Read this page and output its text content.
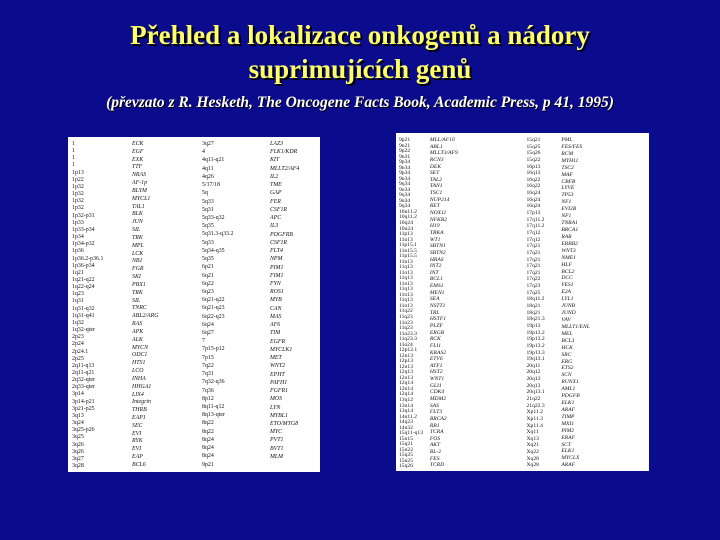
Přehled a lokalizace onkogenů a nádory
suprimujících genů
(převzato z R. Hesketh, The Oncogene Facts Book, Academic Press, p 41, 1995)
1
1
1
1
1p13
1p22
1p32
1p32
1p32
1p32
1p32-p31
1p33
1p33-p34
1p34
1p34-p32
1p36
1p36.2-p36.1
1p36-p34
1q21
1q21-q22
1q22-q24
1q23
1q31
1q31-q32
1q31-q41
1q32
1q32-qter
2p23
2p24
2p24.1
2p25
2q11-q13
2q11-q21
2q32-qter
2q33-qter
3p14
3p14-p21
3p21-p25
3q13
3q24
3q25-p26
3q25
3q26
3q26
3q27
3q28
ECK
EGF
EXK
TTF
NRAS
AF-1p
BLYM
MYCL1
TAL1
BLK
JUN
SIL
TRK
MPL
LCK
NB1
FGR
SKI
PBX1
TRK
SIL
TNRC
ABL2/ARG
RAS
APK
ALK
MYCN
ODC1
HTS1
LCO
INHA
HHGA1
LIX4
Integrin
THRB
EAP1
SEC
EVI
RYK
EVI
EAP
BCL6
3q27
4
4q11-q21
4q11
4q26
5/17/18
5q
5q33
5q31
5q33-q32
5q35
5q31.3-q33.2
5q33
5q34-q35
5q35
6p21
6q21
6q22
6q23
6q21-q22
6q21-q23
6q22-q23
6q24
6q27
7
7p15-p12
7p15
7q22
7q31
7q32-q36
7q36
8p12
8q11-q12
8q13-qter
8q22
8q22
8q24
8q24
8q24
9p21
LAZ3
FLK1/KDR
KIT
MLLT2/AF4
IL2
TME
GAP
FER
CSF1R
APC
IL3
PDGFRB
CSF1R
FLT4
NPM
PIM1
FIM1
FYN
ROS1
MYB
CAN
MAS
AF6
TIM
EGFR
MYCLK1
MET
WNT2
EPHT
PAFH1
FGFR1
MOS
LYN
MYBL1
ETO/MTG8
MYC
PVT1
BVT1
MLM
9p21
9p21
9p22
9p31
9p34
9p34
9p34
9p34
9q34
9q34
9q34
9q34
9q34
10p11.2
10q11.2
10q24
10q24
11p13
11p13
11p15.1
11p15.5
11p15.5
11p13
11q13
11q13
11q13
11q13
11q13
11q13
11q13
11q13
11q22
11q23
11q23
11q23
11q23.3
11q23.3
11q24
12p12.1
12p13
12p13
12q13
12q13
12q13
12q14
12q14
12q14
13q12
13q14
13q14
14q11.2
14q23
14q32
15q11-q13
15q15
15q21
15q22
15q25
15q25
15q26
MLL/AF10
ABL1
MLLT3/AF9
RCN3
DEK
SET
TAL2
TAN1
TSC1
NUP214
RET
NOX11
NFKB2
H19
TRKA
WT1
SBTN1
SBTN2
HRAS
INT2
INT
BCL1
EMS1
MEN1
SEA
NSTT1
TRL
HSTF1
PLZF
ERGB
RCK
FLI1
KRAS2
ETV6
ATF1
HST2
WNT1
GLI1
CDK4
MDM2
SAS
FLT3
BRCA2
RB1
TCRA
FOS
AKT
BL-2
FES
TCRD
15q21
15q25
15q26
15q22
16p13
16q13
16q22
16q22
16q24
16q24
16q24
17p13
17q11.2
17q11.2
17q12
17q12
17q21
17q21
17q21
17q21
17q21
17q22
17q23
17q25
18q11.2
18q21
18q21
18q21.3
19p13
19p13.2
19p13.2
19p13.2
19p13.3
19q13.1
20q11
20q12
20q13
20q13
20q13.1
21q22
21q22.3
Xp11.2
Xp11.3
Xp11.4
Xq11
Xq13
Xq21
Xq22
Xq28
Xq28
PML
FES/FES
RCM
MYH11
TSC2
MAF
CBFB
LYVE
TP53
NF1
EVI2B
NF1
TNRA1
BRCA1
RAR
ERBB2
WNT3
NME1
HLF
BCL2
DCC
YES1
E2A
LYL1
JUNB
JUND
VAV
MLLT1/ENL
MEL
BCL3
HCK
SRC
ERG
ETS2
SCN
RUNX1
AML1
PDGFB
ELK1
ARAF
TIMP
MXI1
PIM2
ERAF
SCT
ELK1
MYCLX
ARAF
